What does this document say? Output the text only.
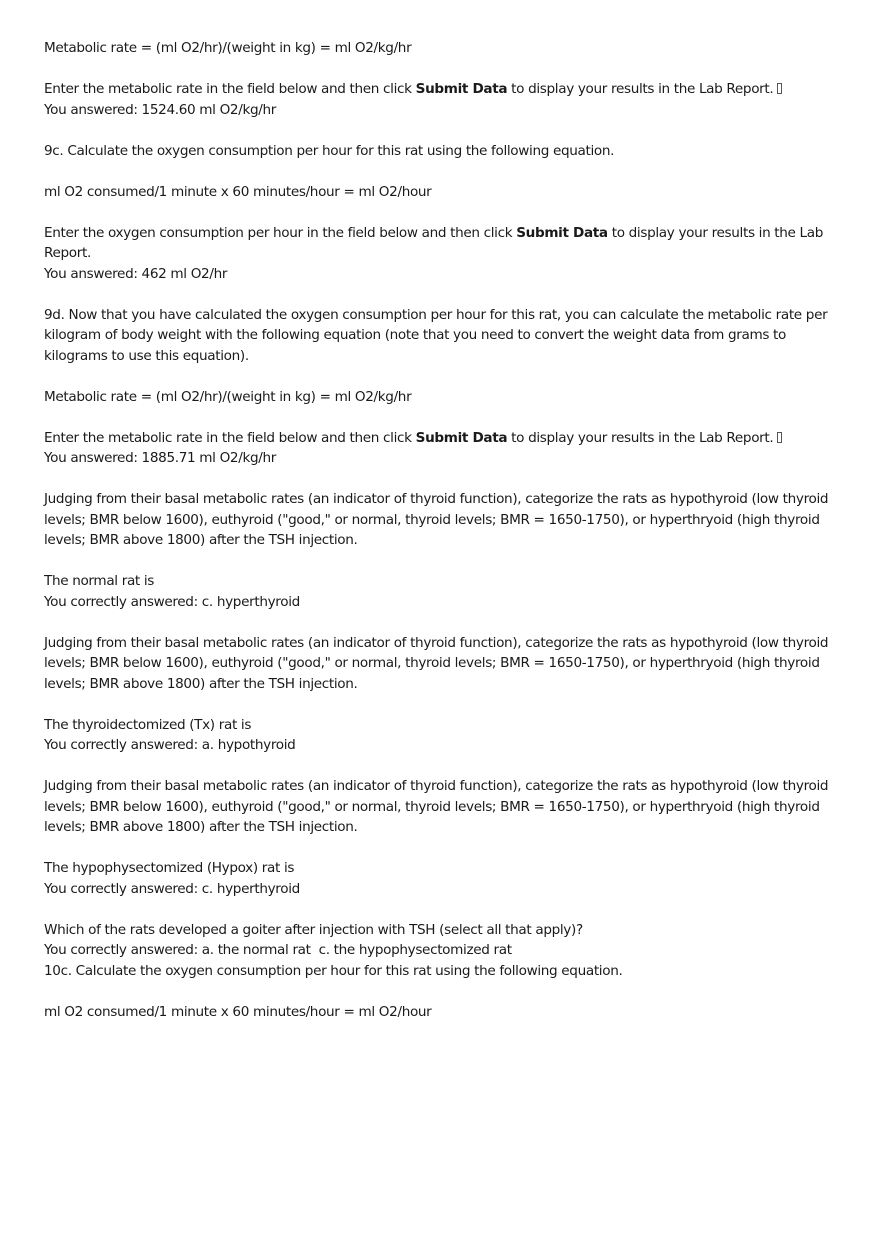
Metabolic rate = (ml O2/hr)/(weight in kg) = ml O2/kg/hr

Enter the metabolic rate in the field below and then click Submit Data to display your results in the Lab Report.

You answered: 1524.60 ml O2/kg/hr

9c. Calculate the oxygen consumption per hour for this rat using the following equation.

ml O2 consumed/1 minute x 60 minutes/hour = ml O2/hour

Enter the oxygen consumption per hour in the field below and then click Submit Data to display your results in the Lab Report.

You answered: 462 ml O2/hr

9d. Now that you have calculated the oxygen consumption per hour for this rat, you can calculate the metabolic rate per kilogram of body weight with the following equation (note that you need to convert the weight data from grams to kilograms to use this equation).

Metabolic rate = (ml O2/hr)/(weight in kg) = ml O2/kg/hr

Enter the metabolic rate in the field below and then click Submit Data to display your results in the Lab Report.

You answered: 1885.71 ml O2/kg/hr

Judging from their basal metabolic rates (an indicator of thyroid function), categorize the rats as hypothyroid (low thyroid levels; BMR below 1600), euthyroid ("good," or normal, thyroid levels; BMR = 1650-1750), or hyperthryoid (high thyroid levels; BMR above 1800) after the TSH injection.

The normal rat is

You correctly answered: c. hyperthyroid

Judging from their basal metabolic rates (an indicator of thyroid function), categorize the rats as hypothyroid (low thyroid levels; BMR below 1600), euthyroid ("good," or normal, thyroid levels; BMR = 1650-1750), or hyperthryoid (high thyroid levels; BMR above 1800) after the TSH injection.

The thyroidectomized (Tx) rat is

You correctly answered: a. hypothyroid

Judging from their basal metabolic rates (an indicator of thyroid function), categorize the rats as hypothyroid (low thyroid levels; BMR below 1600), euthyroid ("good," or normal, thyroid levels; BMR = 1650-1750), or hyperthryoid (high thyroid levels; BMR above 1800) after the TSH injection.

The hypophysectomized (Hypox) rat is

You correctly answered: c. hyperthyroid

Which of the rats developed a goiter after injection with TSH (select all that apply)?

You correctly answered: a. the normal rat  c. the hypophysectomized rat

10c. Calculate the oxygen consumption per hour for this rat using the following equation.

ml O2 consumed/1 minute x 60 minutes/hour = ml O2/hour
